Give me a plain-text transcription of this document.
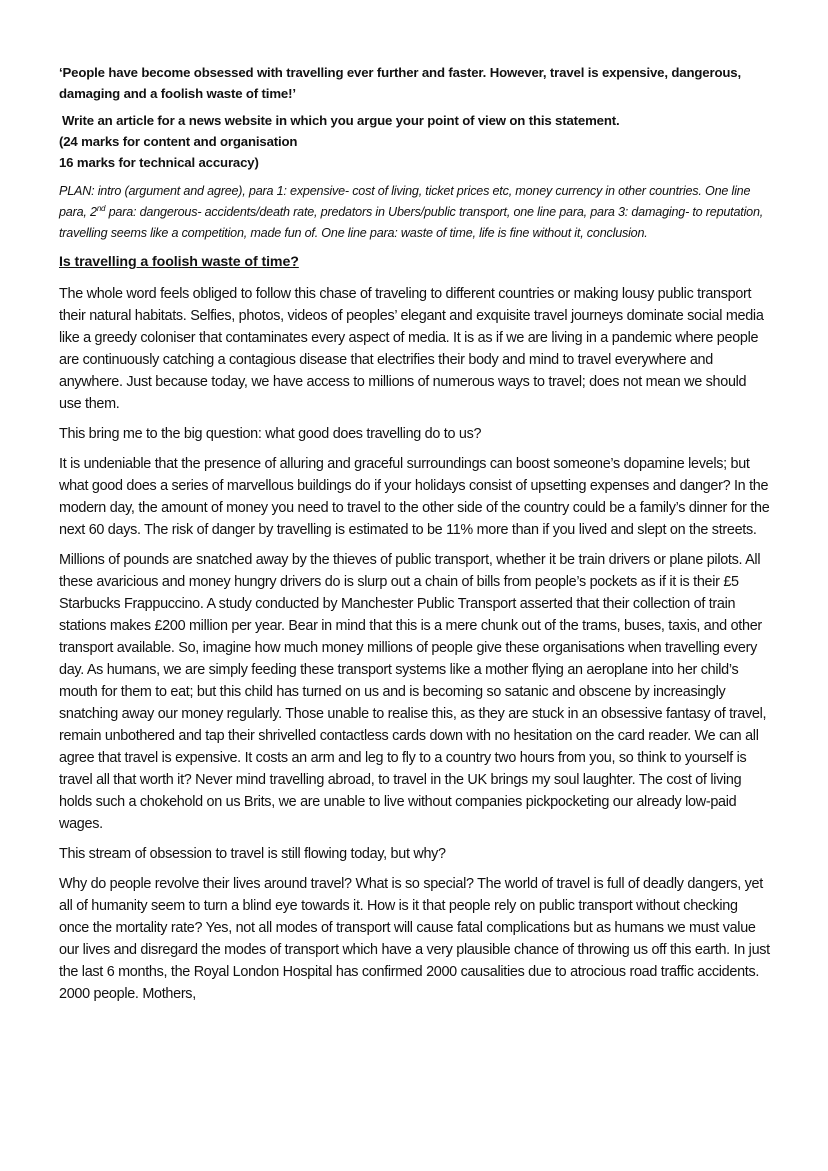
‘People have become obsessed with travelling ever further and faster. However, travel is expensive, dangerous, damaging and a foolish waste of time!’

Write an article for a news website in which you argue your point of view on this statement.
(24 marks for content and organisation
16 marks for technical accuracy)

PLAN: intro (argument and agree), para 1: expensive- cost of living, ticket prices etc, money currency in other countries. One line para, 2nd para: dangerous- accidents/death rate, predators in Ubers/public transport, one line para, para 3: damaging- to reputation, travelling seems like a competition, made fun of. One line para: waste of time, life is fine without it, conclusion.

Is travelling a foolish waste of time?

The whole word feels obliged to follow this chase of traveling to different countries or making lousy public transport their natural habitats. Selfies, photos, videos of peoples’ elegant and exquisite travel journeys dominate social media like a greedy coloniser that contaminates every aspect of media. It is as if we are living in a pandemic where people are continuously catching a contagious disease that electrifies their body and mind to travel everywhere and anywhere. Just because today, we have access to millions of numerous ways to travel; does not mean we should use them.

This bring me to the big question: what good does travelling do to us?

It is undeniable that the presence of alluring and graceful surroundings can boost someone’s dopamine levels; but what good does a series of marvellous buildings do if your holidays consist of upsetting expenses and danger? In the modern day, the amount of money you need to travel to the other side of the country could be a family’s dinner for the next 60 days. The risk of danger by travelling is estimated to be 11% more than if you lived and slept on the streets.

Millions of pounds are snatched away by the thieves of public transport, whether it be train drivers or plane pilots. All these avaricious and money hungry drivers do is slurp out a chain of bills from people’s pockets as if it is their £5 Starbucks Frappuccino. A study conducted by Manchester Public Transport asserted that their collection of train stations makes £200 million per year. Bear in mind that this is a mere chunk out of the trams, buses, taxis, and other transport available. So, imagine how much money millions of people give these organisations when travelling every day. As humans, we are simply feeding these transport systems like a mother flying an aeroplane into her child’s mouth for them to eat; but this child has turned on us and is becoming so satanic and obscene by increasingly snatching away our money regularly. Those unable to realise this, as they are stuck in an obsessive fantasy of travel, remain unbothered and tap their shrivelled contactless cards down with no hesitation on the card reader. We can all agree that travel is expensive. It costs an arm and leg to fly to a country two hours from you, so think to yourself is travel all that worth it? Never mind travelling abroad, to travel in the UK brings my soul laughter. The cost of living holds such a chokehold on us Brits, we are unable to live without companies pickpocketing our already low-paid wages.

This stream of obsession to travel is still flowing today, but why?

Why do people revolve their lives around travel? What is so special? The world of travel is full of deadly dangers, yet all of humanity seem to turn a blind eye towards it. How is it that people rely on public transport without checking once the mortality rate? Yes, not all modes of transport will cause fatal complications but as humans we must value our lives and disregard the modes of transport which have a very plausible chance of throwing us off this earth. In just the last 6 months, the Royal London Hospital has confirmed 2000 causalities due to atrocious road traffic accidents. 2000 people. Mothers,
